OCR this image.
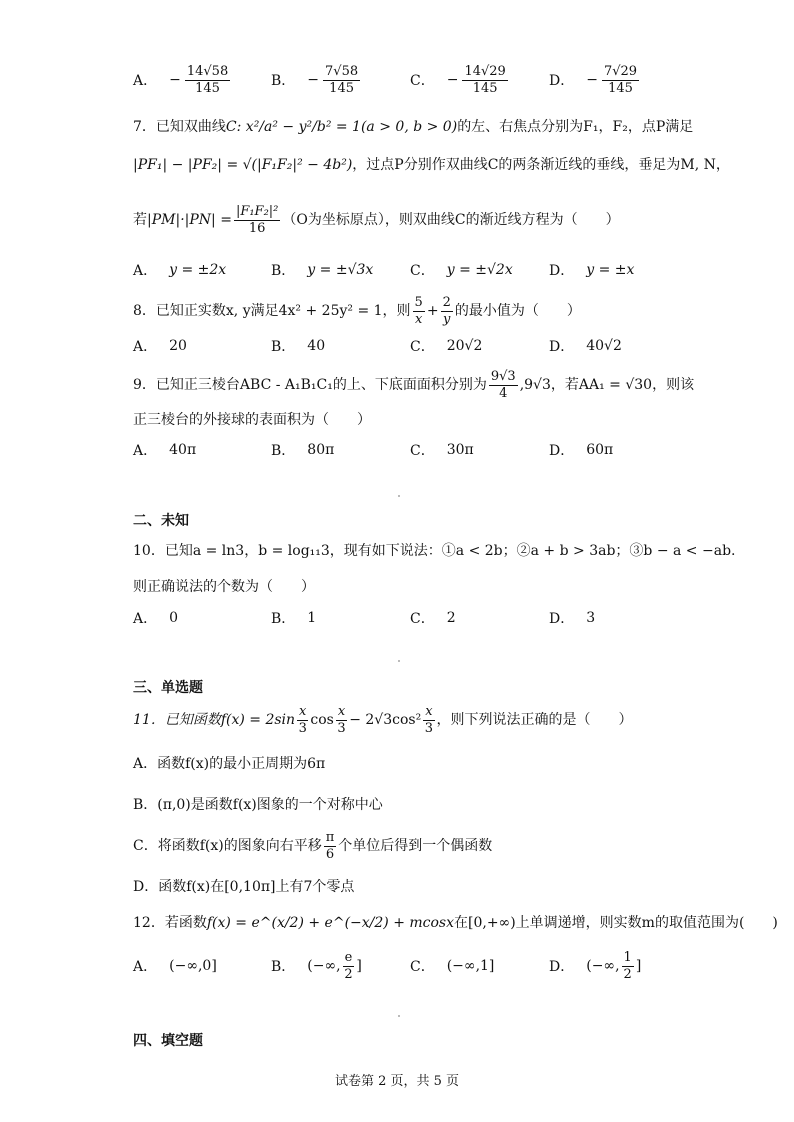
A． − $\frac{14√58}{145}$	B． − $\frac{7√58}{145}$	C． − $\frac{14√29}{145}$	D． − $\frac{7√29}{145}$
7．已知双曲线C: x²/a² − y²/b² = 1(a > 0, b > 0)的左、右焦点分别为F₁，F₂，点P满足
|PF₁| − |PF₂| = √(|F₁F₂|² − 4b²)，过点P分别作双曲线C的两条渐近线的垂线，垂足为M, N，
若 $|PM|\cdot|PN| = \frac{\text{|F₁F₂|²}}{16} (O$为坐标原点），则双曲线C的渐近线方程为（　　）
A． y = ±2x	B． y = ±√3x	C． y = ±√2x	D． y = ±x
8．已知正实数x, y满足4x² + 25y² = 1，则 $\frac{5}{x} + \frac{2}{y}$ 的最小值为（　　）
A． 20	B． 40	C． 20√2	D． 40√2
9．已知正三棱台ABC - A₁B₁C₁的上、下底面面积分别为 $\frac{9√3}{4} ,9√3$，若AA₁ = √30，则该
正三棱台的外接球的表面积为（　　）
A． 40π	B． 80π	C． 30π	D． 60π
二、未知
10．已知a = ln3，b = log₁₁3，现有如下说法：①a < 2b；②a + b > 3ab；③b − a < −ab.
则正确说法的个数为（　　）
A． 0	B． 1	C． 2	D． 3
三、单选题
11．已知函数$f(x) = 2\sin \frac{x}{3}$ $\cos \frac{x}{3} - 2√3\cos^2 \frac{x}{3}$ ，则下列说法正确的是（　　）
A．函数f(x)的最小正周期为6π
B．(π,0)是函数f(x)图象的一个对称中心
C．将函数f(x)的图象向右平移 $\frac{\pi}{6}$ 个单位后得到一个偶函数
D．函数f(x)在[0,10π]上有7个零点
12．若函数f(x) = e^(x/2) + e^(−x/2) + mcosx在[0,+∞)上单调递增，则实数m的取值范围为(　　)
A． (−∞,0]	B． (−∞, $\frac{e}{2}$ ]	C． (−∞,1]	D． (−∞, $\frac{1}{2}$ ]
四、填空题
试卷第 2 页，共 5 页
